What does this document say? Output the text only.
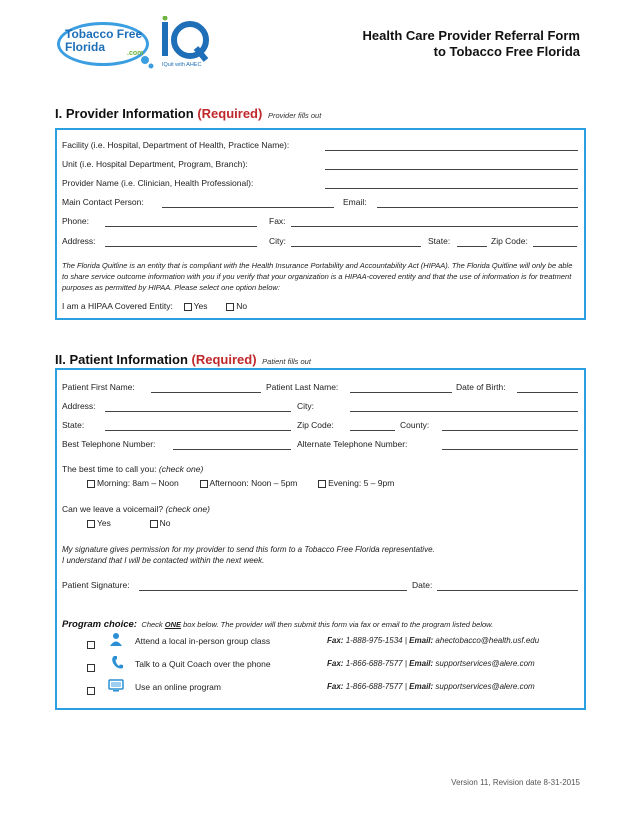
Tobacco Free Florida	.com
IQuit with AHEC
Health Care Provider Referral Form
to Tobacco Free Florida
I. Provider Information (Required) Provider fills out
Facility (i.e. Hospital, Department of Health, Practice Name):
Unit (i.e. Hospital Department, Program, Branch):
Provider Name (i.e. Clinician, Health Professional):
Main Contact Person:	Email:
Phone:	Fax:
Address:	City:	State:	Zip Code:
The Florida Quitline is an entity that is compliant with the Health Insurance Portability and Accountability Act (HIPAA). The Florida Quitline will only be able to share service outcome information with you if you verify that your organization is a HIPAA-covered entity and that the use of information is for treatment purposes as permitted by HIPAA. Please select one option below:
I am a HIPAA Covered Entity: Yes	No
II. Patient Information (Required) Patient fills out
Patient First Name:	Patient Last Name:	Date of Birth:
Address:	City:
State:	Zip Code:	County:
Best Telephone Number:	Alternate Telephone Number:
The best time to call you: (check one)
Morning: 8am – Noon	Afternoon: Noon – 5pm	Evening: 5 – 9pm
Can we leave a voicemail? (check one)
Yes	No
My signature gives permission for my provider to send this form to a Tobacco Free Florida representative.
I understand that I will be contacted within the next week.
Patient Signature:	Date:
Program choice: Check ONE box below. The provider will then submit this form via fax or email to the program listed below.
Attend a local in-person group class	Fax: 1-888-975-1534 | Email: ahectobacco@health.usf.edu
Talk to a Quit Coach over the phone	Fax: 1-866-688-7577 | Email: supportservices@alere.com
Use an online program	Fax: 1-866-688-7577 | Email: supportservices@alere.com
Version 11, Revision date 8-31-2015
